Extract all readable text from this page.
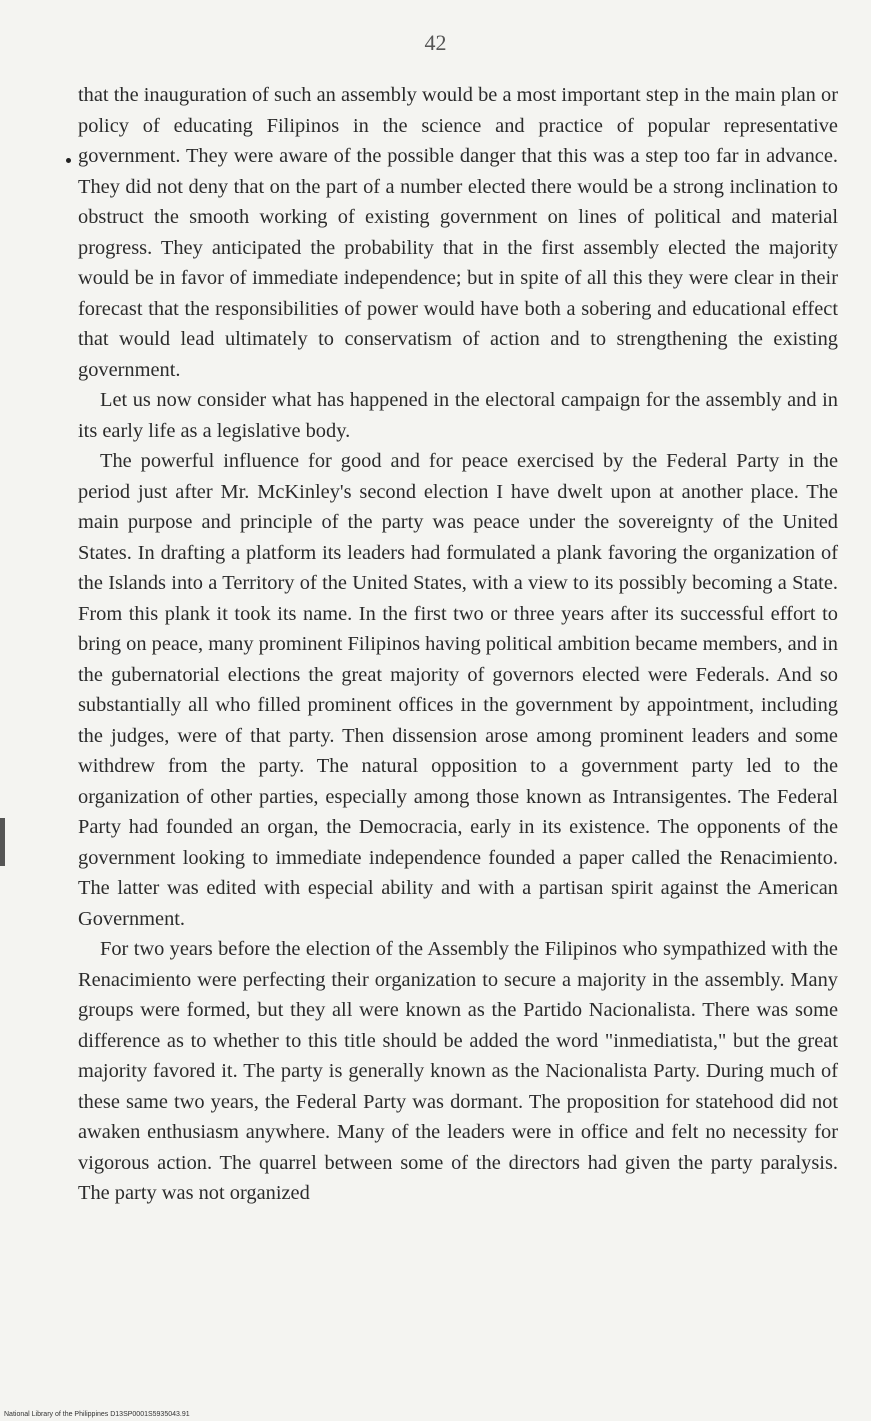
42

that the inauguration of such an assembly would be a most important step in the main plan or policy of educating Filipinos in the science and practice of popular representative government. They were aware of the possible danger that this was a step too far in advance. They did not deny that on the part of a number elected there would be a strong inclination to obstruct the smooth working of existing government on lines of political and material progress. They anticipated the probability that in the first assembly elected the majority would be in favor of immediate independence; but in spite of all this they were clear in their forecast that the responsibilities of power would have both a sobering and educational effect that would lead ultimately to conservatism of action and to strengthening the existing government.

Let us now consider what has happened in the electoral campaign for the assembly and in its early life as a legislative body.

The powerful influence for good and for peace exercised by the Federal Party in the period just after Mr. McKinley's second election I have dwelt upon at another place. The main purpose and principle of the party was peace under the sovereignty of the United States. In drafting a platform its leaders had formulated a plank favoring the organization of the Islands into a Territory of the United States, with a view to its possibly becoming a State. From this plank it took its name. In the first two or three years after its successful effort to bring on peace, many prominent Filipinos having political ambition became members, and in the gubernatorial elections the great majority of governors elected were Federals. And so substantially all who filled prominent offices in the government by appointment, including the judges, were of that party. Then dissension arose among prominent leaders and some withdrew from the party. The natural opposition to a government party led to the organization of other parties, especially among those known as Intransigentes. The Federal Party had founded an organ, the Democracia, early in its existence. The opponents of the government looking to immediate independence founded a paper called the Renacimiento. The latter was edited with especial ability and with a partisan spirit against the American Government.

For two years before the election of the Assembly the Filipinos who sympathized with the Renacimiento were perfecting their organization to secure a majority in the assembly. Many groups were formed, but they all were known as the Partido Nacionalista. There was some difference as to whether to this title should be added the word "inmediatista," but the great majority favored it. The party is generally known as the Nacionalista Party. During much of these same two years, the Federal Party was dormant. The proposition for statehood did not awaken enthusiasm anywhere. Many of the leaders were in office and felt no necessity for vigorous action. The quarrel between some of the directors had given the party paralysis. The party was not organized

National Library of the Philippines D13SP0001S5935043.91
